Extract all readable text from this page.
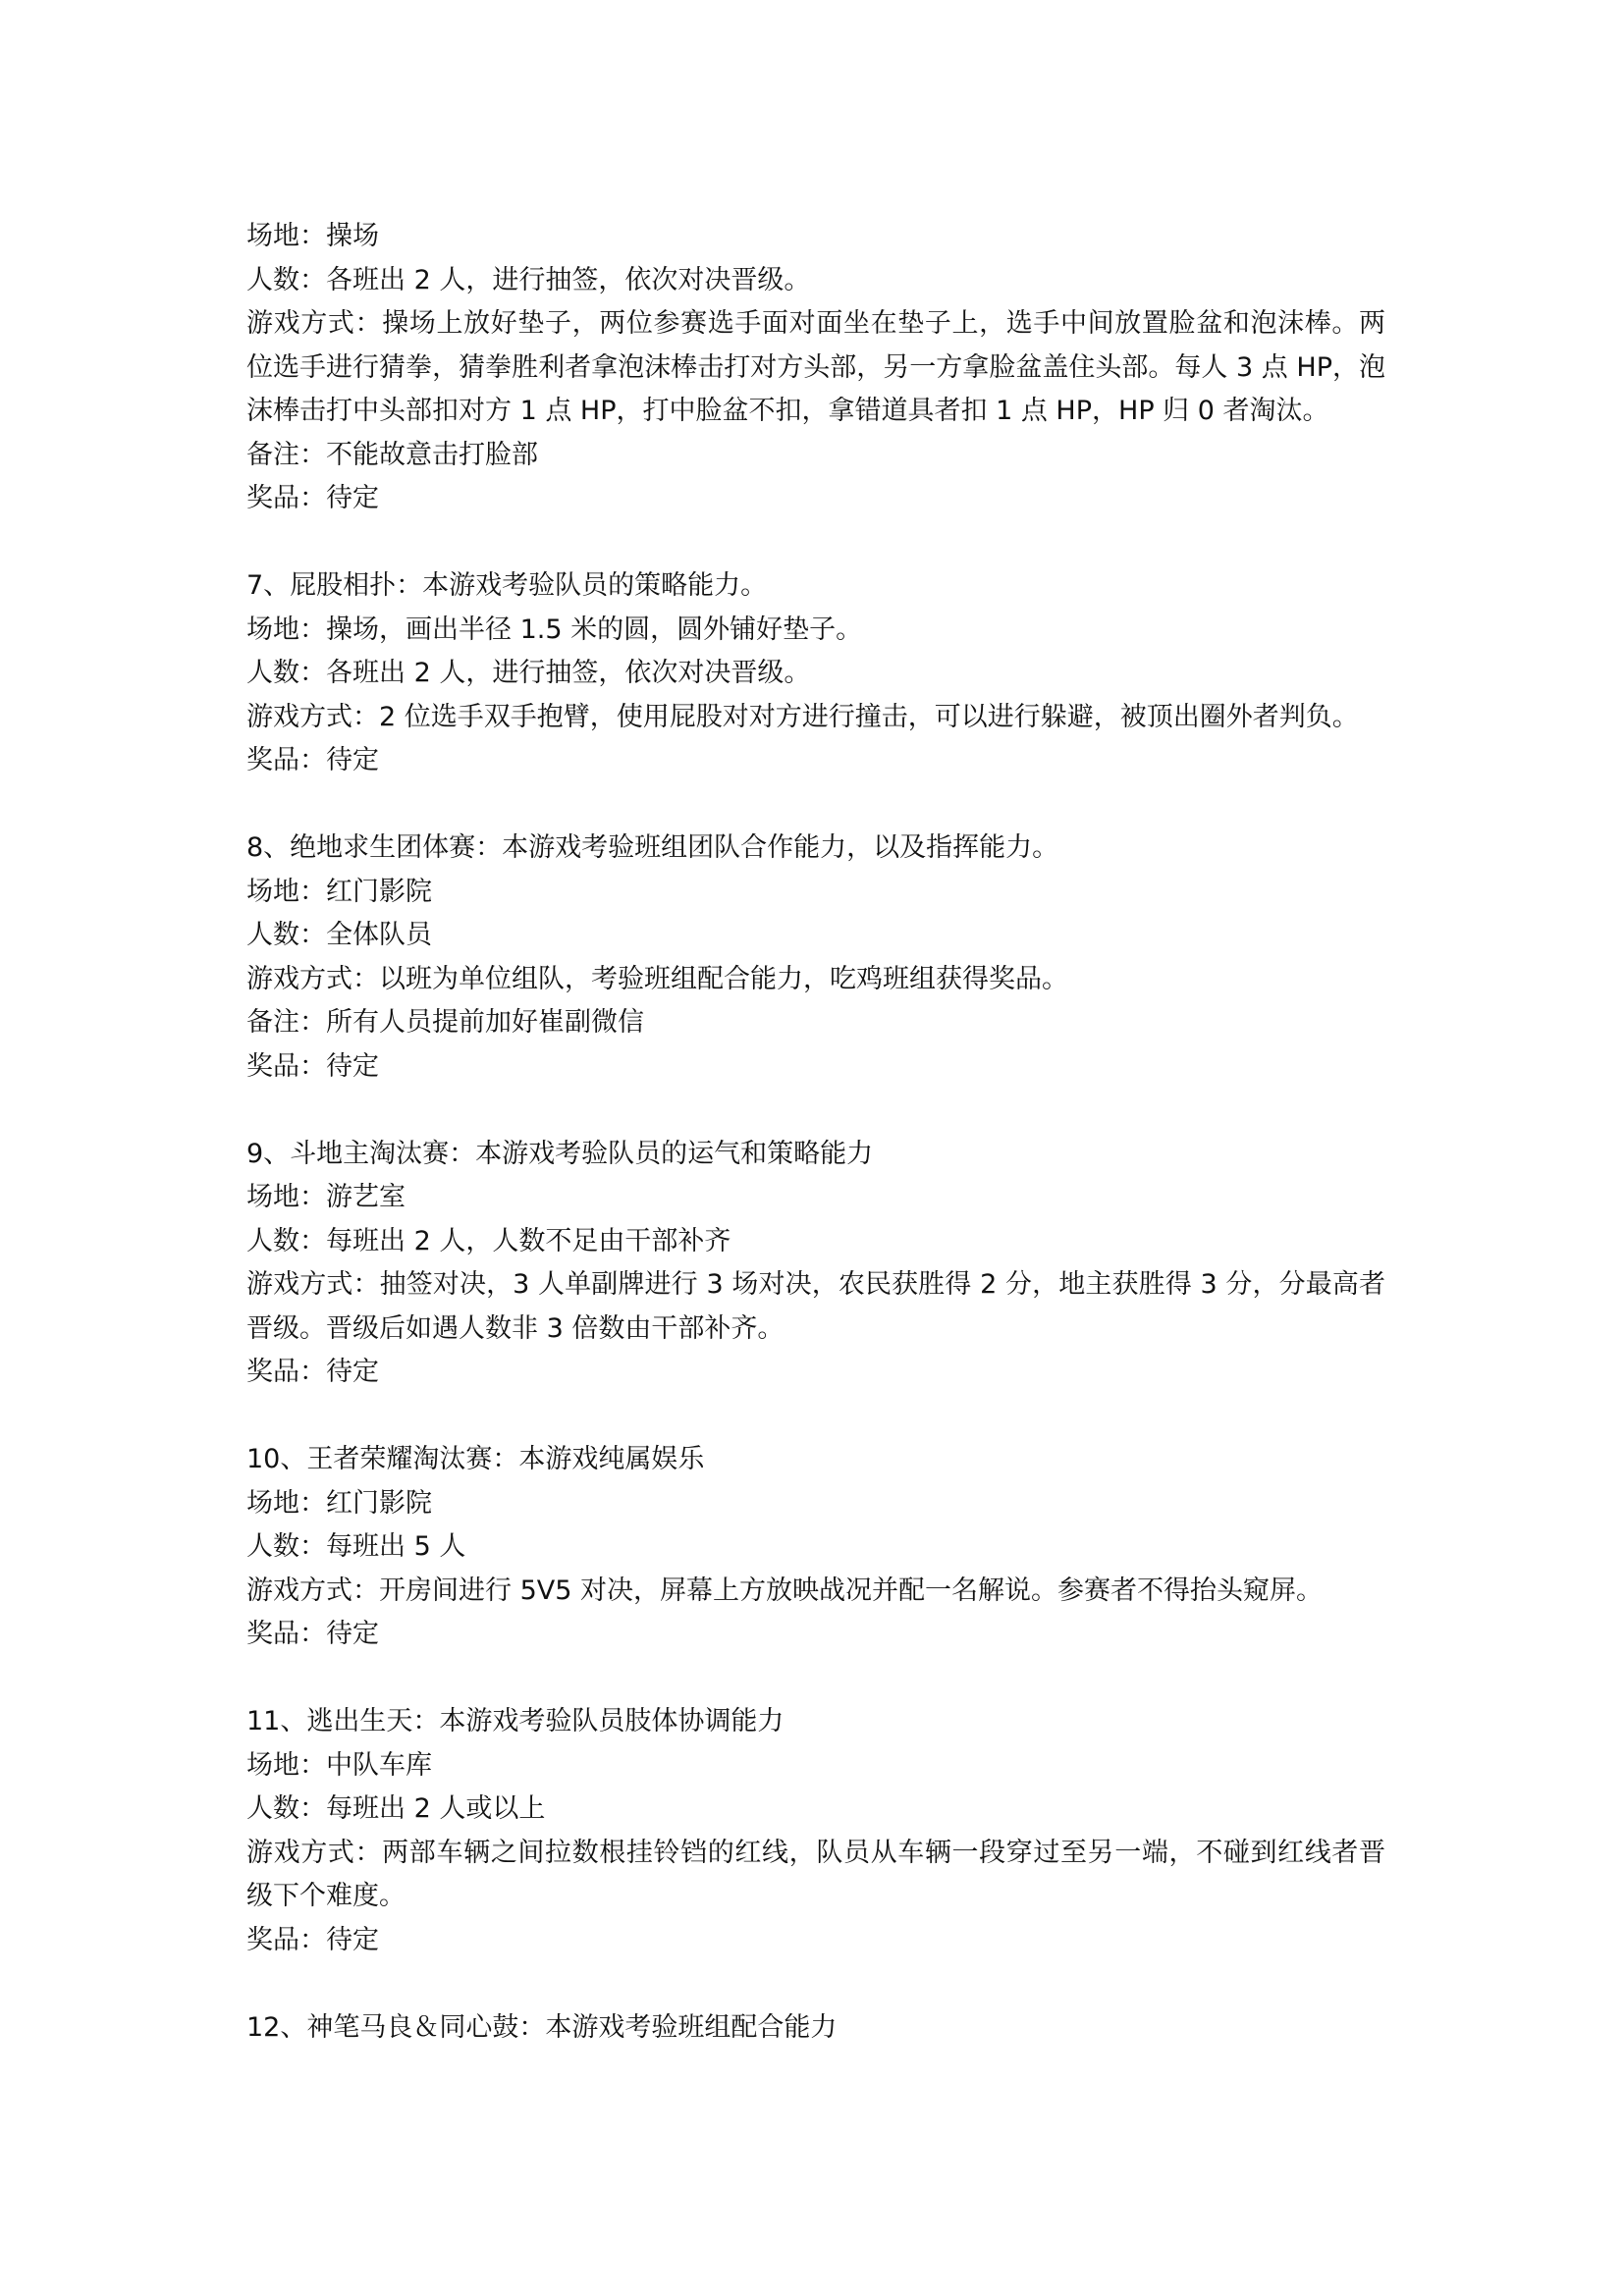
场地：操场
人数：各班出 2 人，进行抽签，依次对决晋级。
游戏方式：操场上放好垫子，两位参赛选手面对面坐在垫子上，选手中间放置脸盆和泡沫棒。两位选手进行猜拳，猜拳胜利者拿泡沫棒击打对方头部，另一方拿脸盆盖住头部。每人 3 点 HP，泡沫棒击打中头部扣对方 1 点 HP，打中脸盆不扣，拿错道具者扣 1 点 HP，HP 归 0 者淘汰。
备注：不能故意击打脸部
奖品：待定
7、屁股相扑：本游戏考验队员的策略能力。
场地：操场，画出半径 1.5 米的圆，圆外铺好垫子。
人数：各班出 2 人，进行抽签，依次对决晋级。
游戏方式：2 位选手双手抱臂，使用屁股对对方进行撞击，可以进行躲避，被顶出圈外者判负。
奖品：待定
8、绝地求生团体赛：本游戏考验班组团队合作能力，以及指挥能力。
场地：红门影院
人数：全体队员
游戏方式：以班为单位组队，考验班组配合能力，吃鸡班组获得奖品。
备注：所有人员提前加好崔副微信
奖品：待定
9、斗地主淘汰赛：本游戏考验队员的运气和策略能力
场地：游艺室
人数：每班出 2 人，人数不足由干部补齐
游戏方式：抽签对决，3 人单副牌进行 3 场对决，农民获胜得 2 分，地主获胜得 3 分，分最高者晋级。晋级后如遇人数非 3 倍数由干部补齐。
奖品：待定
10、王者荣耀淘汰赛：本游戏纯属娱乐
场地：红门影院
人数：每班出 5 人
游戏方式：开房间进行 5V5 对决，屏幕上方放映战况并配一名解说。参赛者不得抬头窥屏。
奖品：待定
11、逃出生天：本游戏考验队员肢体协调能力
场地：中队车库
人数：每班出 2 人或以上
游戏方式：两部车辆之间拉数根挂铃铛的红线，队员从车辆一段穿过至另一端，不碰到红线者晋级下个难度。
奖品：待定
12、神笔马良＆同心鼓：本游戏考验班组配合能力
